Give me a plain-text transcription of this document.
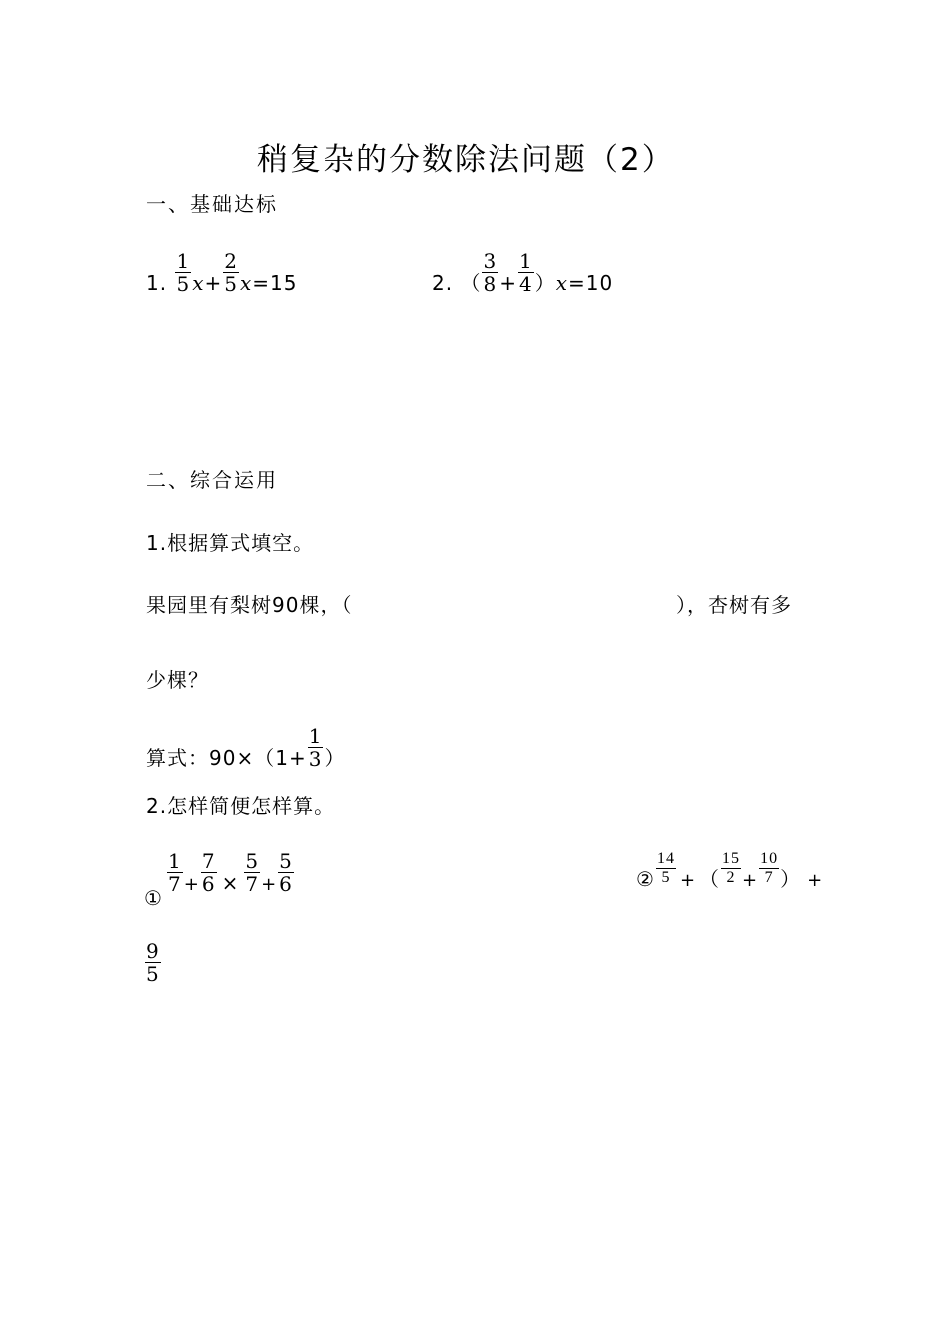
稍复杂的分数除法问题（2）
一、基础达标
1. $\frac{1}{5} x+ \frac{2}{5} x=15$	2. （ $\frac{3}{8} + \frac{1}{4} )x=10$
二、综合运用
1.根据算式填空。
果园里有梨树90棵，（	），杏树有多
少棵？
算式：$90\times(1+ \frac{1}{3}$ ）
2.怎样简便怎样算。
$\frac{1}{7} + \frac{7}{6} \times \frac{5}{7} + \frac{5}{6}$
①
$\frac{9}{5}$
② $\frac{14}{5}$ + （ $\frac{15}{2} + \frac{10}{7}$ ） +
